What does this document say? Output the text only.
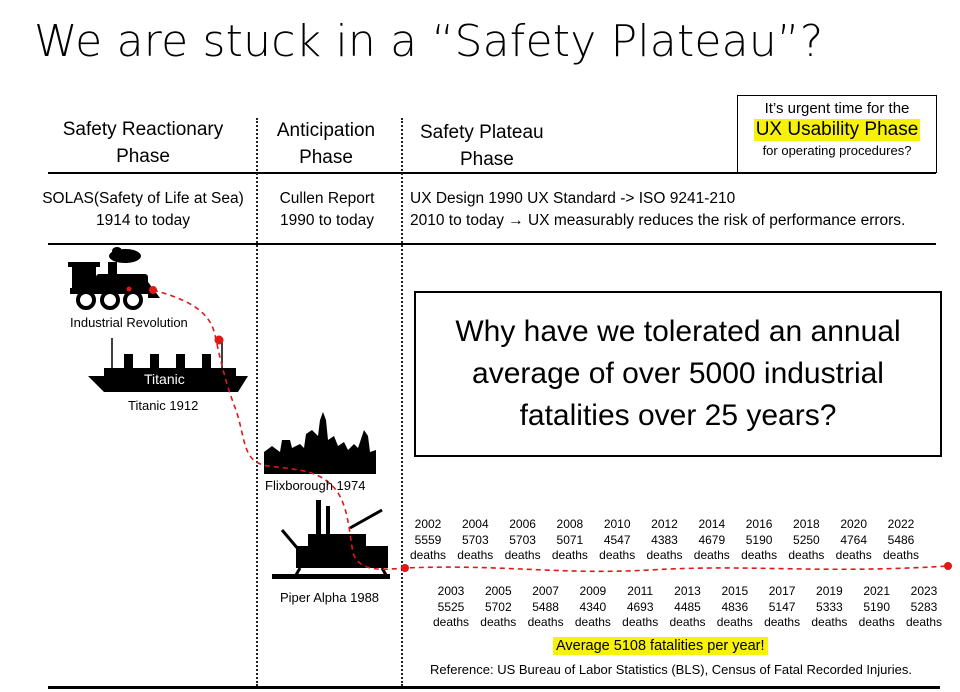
We are stuck in a “Safety Plateau”?
Safety Reactionary
Phase
Anticipation
Phase
Safety Plateau
Phase
It’s urgent time for the
UX Usability Phase
for operating procedures?
SOLAS(Safety of Life at Sea)
1914 to today
Cullen Report
1990 to today
UX Design 1990 UX Standard -> ISO 9241-210
2010 to today → UX measurably reduces the risk of performance errors.
Why have we tolerated an annual
average of over 5000 industrial
fatalities over 25 years?
Titanic
Industrial Revolution
Titanic 1912
Flixborough 1974
Piper Alpha 1988
2002
5559
deaths
2004
5703
deaths
2006
5703
deaths
2008
5071
deaths
2010
4547
deaths
2012
4383
deaths
2014
4679
deaths
2016
5190
deaths
2018
5250
deaths
2020
4764
deaths
2022
5486
deaths
2003
5525
deaths
2005
5702
deaths
2007
5488
deaths
2009
4340
deaths
2011
4693
deaths
2013
4485
deaths
2015
4836
deaths
2017
5147
deaths
2019
5333
deaths
2021
5190
deaths
2023
5283
deaths
Average 5108 fatalities per year!
Reference: US Bureau of Labor Statistics (BLS), Census of Fatal Recorded Injuries.
